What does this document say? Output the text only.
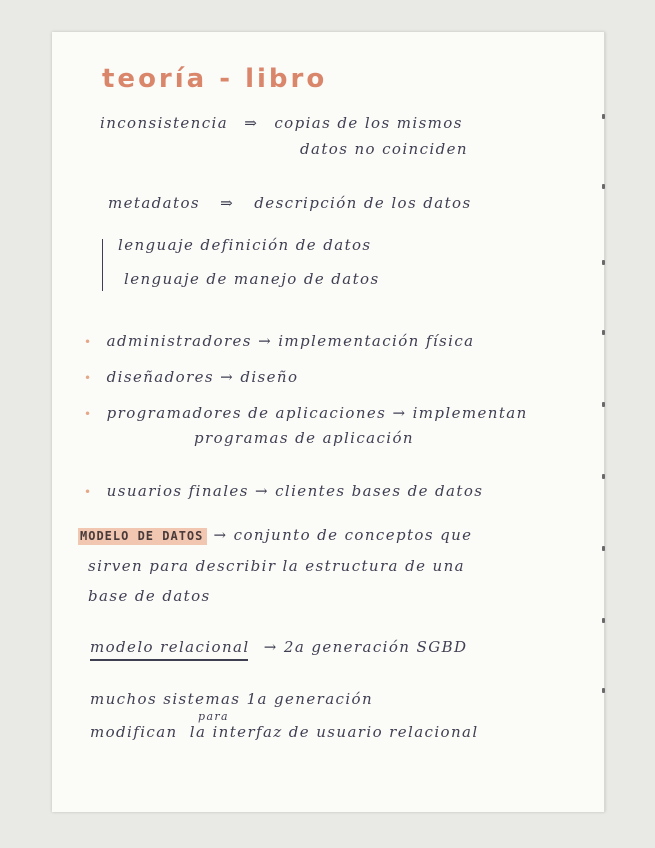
teoría - libro
inconsistencia ⇒ copias de los mismos
datos no coinciden
metadatos ⇒ descripción de los datos
lenguaje definición de datos
lenguaje de manejo de datos
• administradores → implementación física
• diseñadores → diseño
• programadores de aplicaciones → implementan
programas de aplicación
• usuarios finales → clientes bases de datos
MODELO DE DATOS → conjunto de conceptos que
sirven para describir la estructura de una
base de datos
modelo relacional → 2a generación SGBD
muchos sistemas 1a generación
para
modifican la interfaz de usuario relacional
